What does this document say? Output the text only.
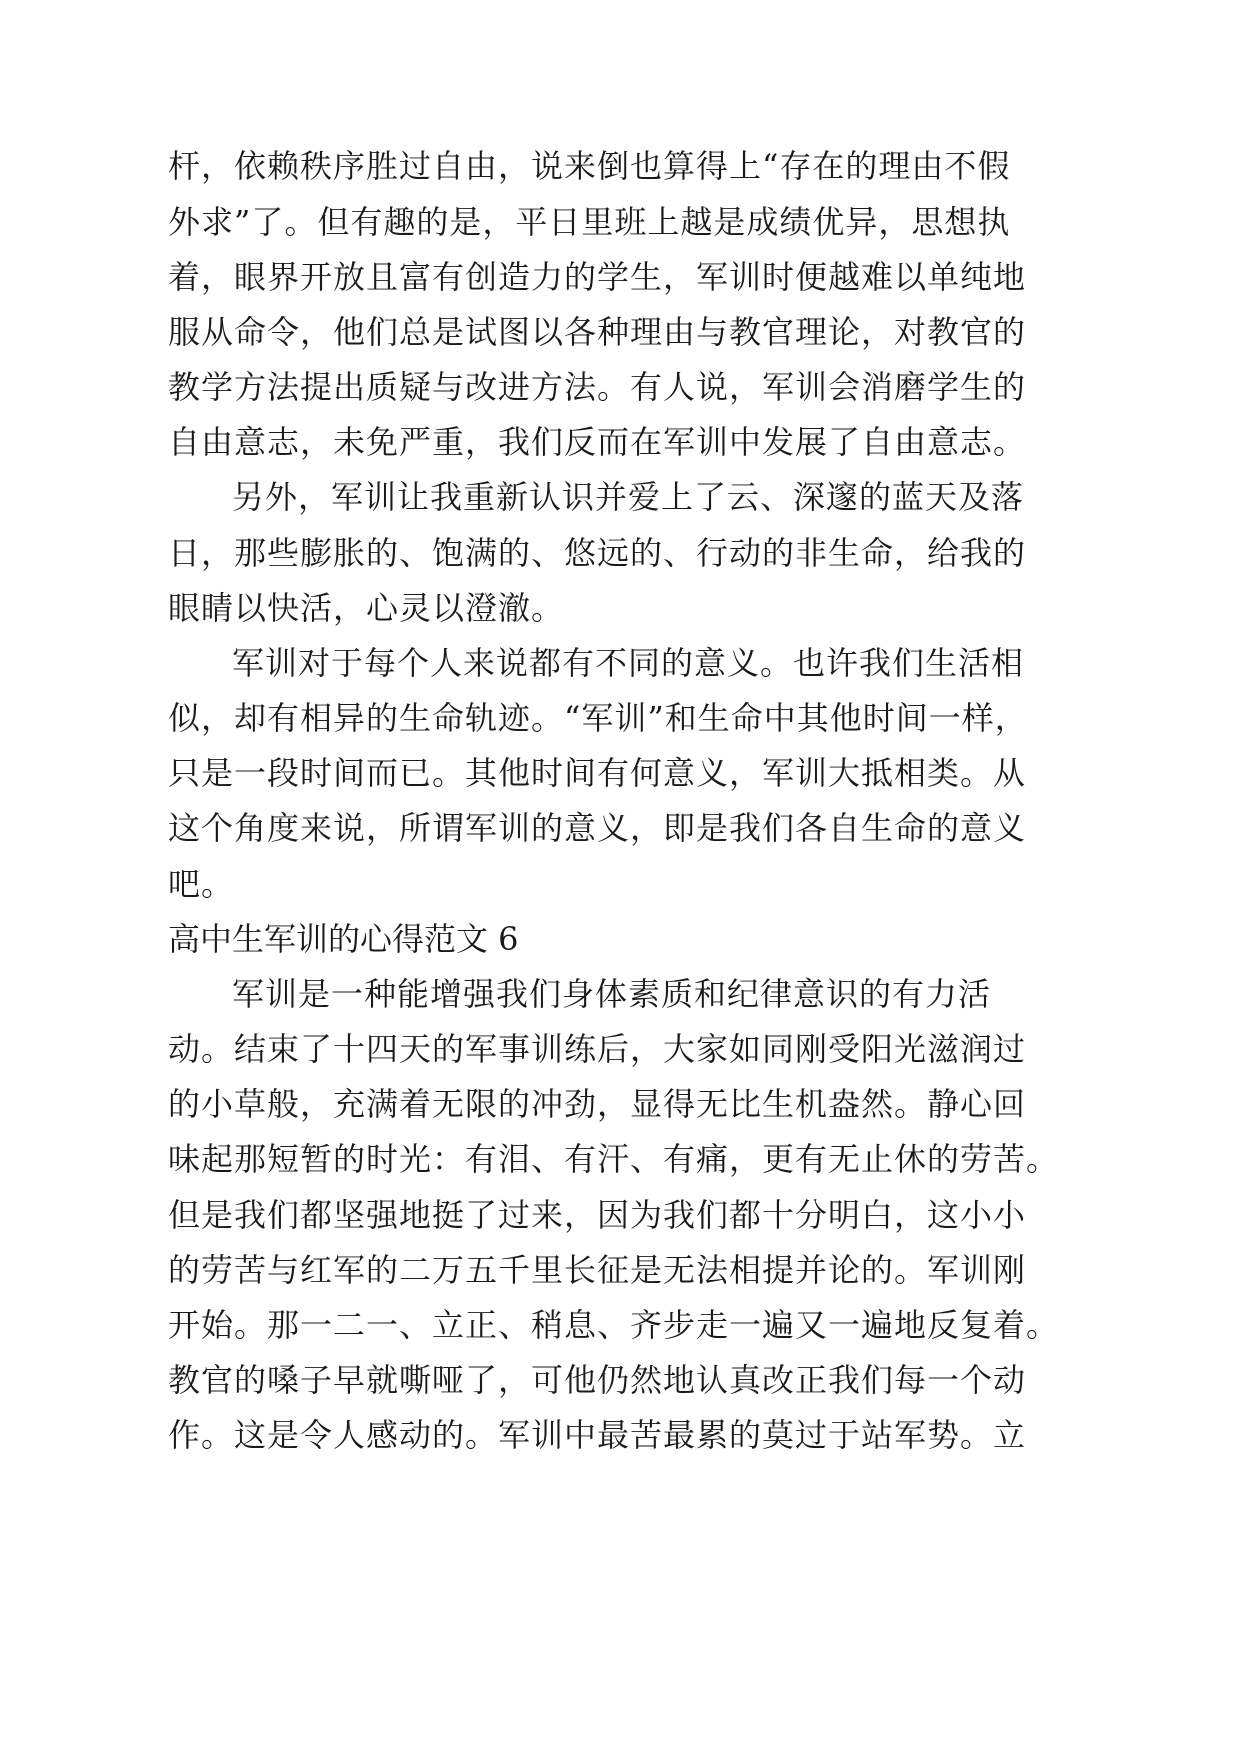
杆，依赖秩序胜过自由，说来倒也算得上“存在的理由不假
外求”了。但有趣的是，平日里班上越是成绩优异，思想执
着，眼界开放且富有创造力的学生，军训时便越难以单纯地
服从命令，他们总是试图以各种理由与教官理论，对教官的
教学方法提出质疑与改进方法。有人说，军训会消磨学生的
自由意志，未免严重，我们反而在军训中发展了自由意志。
另外，军训让我重新认识并爱上了云、深邃的蓝天及落
日，那些膨胀的、饱满的、悠远的、行动的非生命，给我的
眼睛以快活，心灵以澄澈。
军训对于每个人来说都有不同的意义。也许我们生活相
似，却有相异的生命轨迹。“军训”和生命中其他时间一样，
只是一段时间而已。其他时间有何意义，军训大抵相类。从
这个角度来说，所谓军训的意义，即是我们各自生命的意义
吧。
高中生军训的心得范文 6
军训是一种能增强我们身体素质和纪律意识的有力活
动。结束了十四天的军事训练后，大家如同刚受阳光滋润过
的小草般，充满着无限的冲劲，显得无比生机盎然。静心回
味起那短暂的时光：有泪、有汗、有痛，更有无止休的劳苦。
但是我们都坚强地挺了过来，因为我们都十分明白，这小小
的劳苦与红军的二万五千里长征是无法相提并论的。军训刚
开始。那一二一、立正、稍息、齐步走一遍又一遍地反复着。
教官的嗓子早就嘶哑了，可他仍然地认真改正我们每一个动
作。这是令人感动的。军训中最苦最累的莫过于站军势。立
